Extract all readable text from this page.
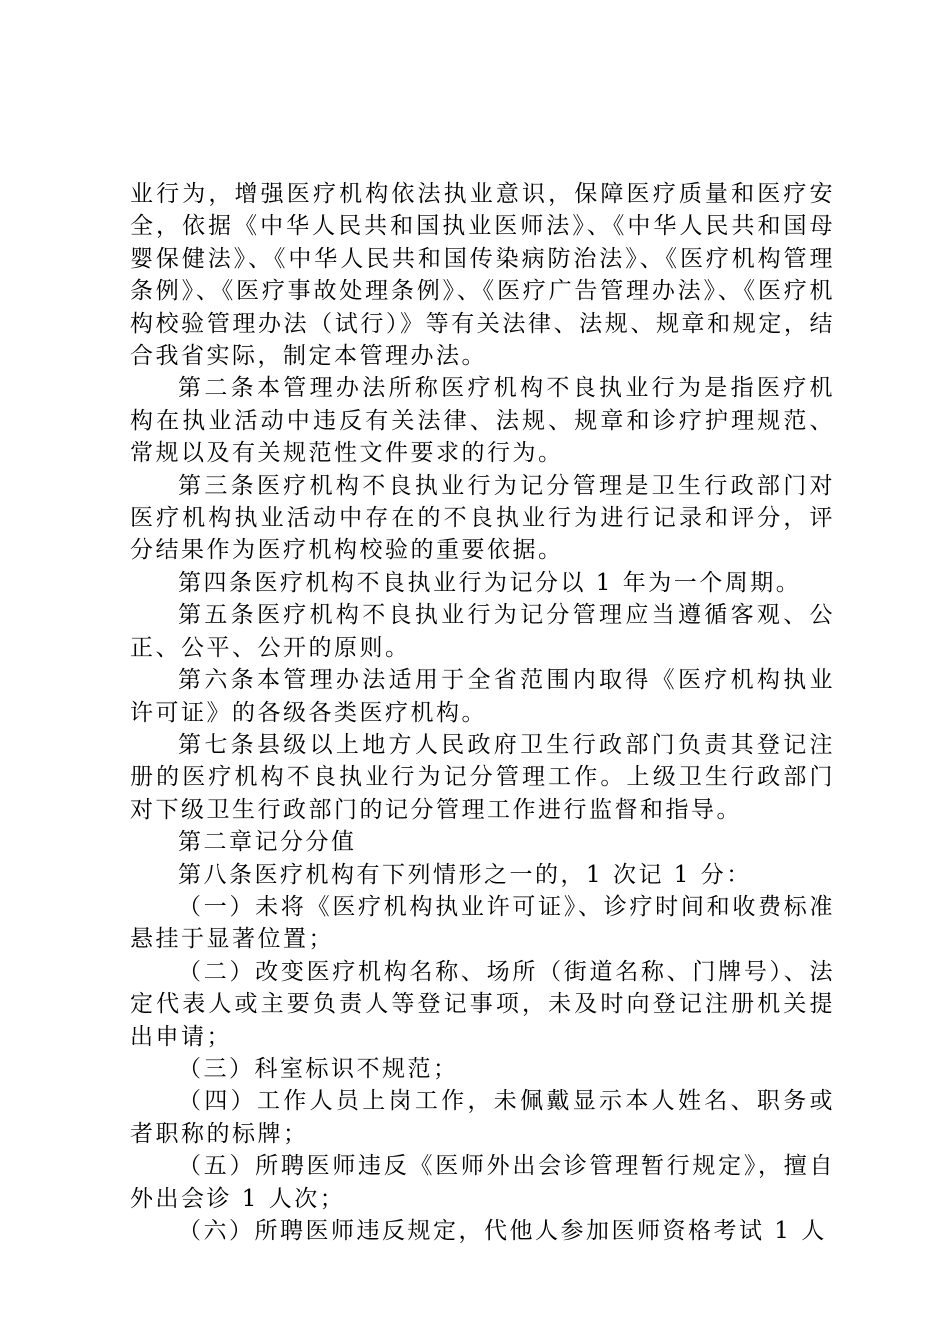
业行为，增强医疗机构依法执业意识，保障医疗质量和医疗安全，依据《中华人民共和国执业医师法》、《中华人民共和国母婴保健法》、《中华人民共和国传染病防治法》、《医疗机构管理条例》、《医疗事故处理条例》、《医疗广告管理办法》、《医疗机构校验管理办法（试行）》等有关法律、法规、规章和规定，结合我省实际，制定本管理办法。

第二条本管理办法所称医疗机构不良执业行为是指医疗机构在执业活动中违反有关法律、法规、规章和诊疗护理规范、常规以及有关规范性文件要求的行为。

第三条医疗机构不良执业行为记分管理是卫生行政部门对医疗机构执业活动中存在的不良执业行为进行记录和评分，评分结果作为医疗机构校验的重要依据。

第四条医疗机构不良执业行为记分以 1 年为一个周期。

第五条医疗机构不良执业行为记分管理应当遵循客观、公正、公平、公开的原则。

第六条本管理办法适用于全省范围内取得《医疗机构执业许可证》的各级各类医疗机构。

第七条县级以上地方人民政府卫生行政部门负责其登记注册的医疗机构不良执业行为记分管理工作。上级卫生行政部门对下级卫生行政部门的记分管理工作进行监督和指导。

第二章记分分值

第八条医疗机构有下列情形之一的，1 次记 1 分：

（一）未将《医疗机构执业许可证》、诊疗时间和收费标准悬挂于显著位置；

（二）改变医疗机构名称、场所（街道名称、门牌号）、法定代表人或主要负责人等登记事项，未及时向登记注册机关提出申请；

（三）科室标识不规范；

（四）工作人员上岗工作，未佩戴显示本人姓名、职务或者职称的标牌；

（五）所聘医师违反《医师外出会诊管理暂行规定》，擅自外出会诊 1 人次；

（六）所聘医师违反规定，代他人参加医师资格考试 1 人
